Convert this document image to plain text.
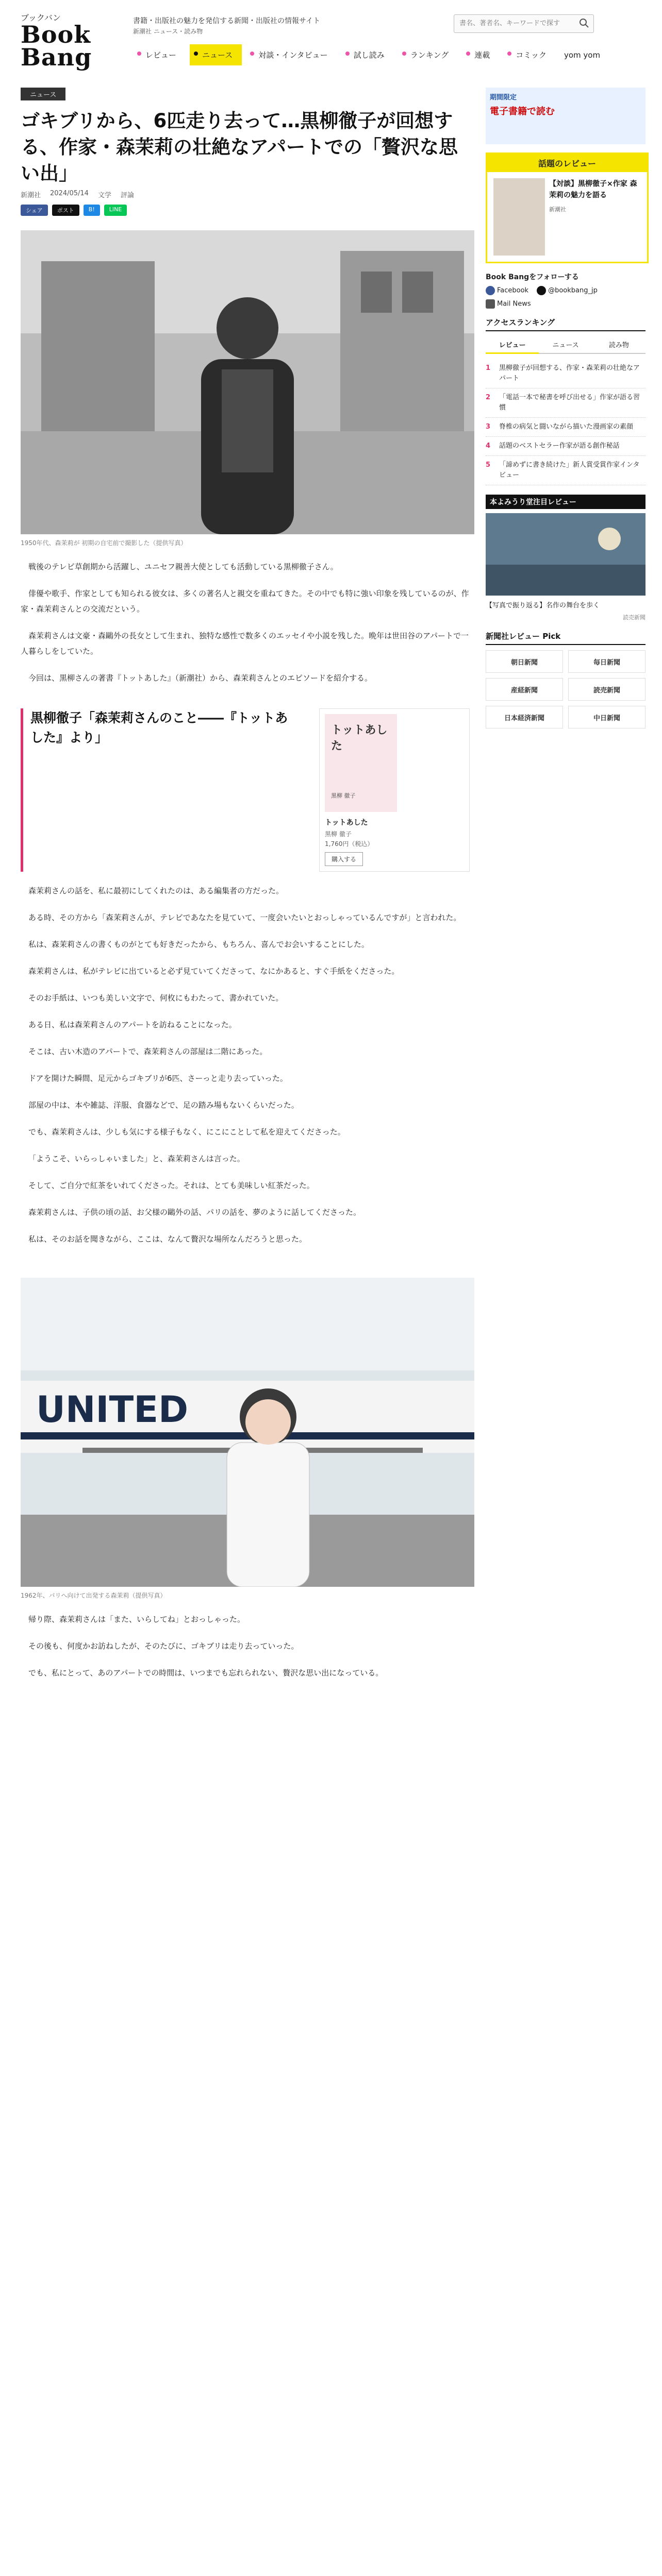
ブックバン
Book
Bang
書籍・出版社の魅力を発信する新聞・出版社の情報サイト
新潮社 ニュース・読み物
書名、著者名、キーワードで探す
レビュー	ニュース	対談・インタビュー	試し読み	ランキング	連載	コミック	yom yom
ニュース
ゴキブリから、6匹走り去って…黒柳徹子が回想する、作家・森茉莉の壮絶なアパートでの「贅沢な思い出」
新潮社 2024/05/14 文学 評論
シェア	ポスト	B!	LINE
1950年代、森茉莉が 初期の自宅前で撮影した（提供写真）

戦後のテレビ草創期から活躍し、ユニセフ親善大使としても活動している黒柳徹子さん。

俳優や歌手、作家としても知られる彼女は、多くの著名人と親交を重ねてきた。その中でも特に強い印象を残しているのが、作家・森茉莉さんとの交流だという。

森茉莉さんは文豪・森鷗外の長女として生まれ、独特な感性で数多くのエッセイや小説を残した。晩年は世田谷のアパートで一人暮らしをしていた。

今回は、黒柳さんの著書『トットあした』（新潮社）から、森茉莉さんとのエピソードを紹介する。

黒柳徹子「森茉莉さんのこと――『トットあした』より」	トットあした
黒柳 徹子
トットあした
黒柳 徹子
1,760円（税込）
購入する

森茉莉さんの話を、私に最初にしてくれたのは、ある編集者の方だった。

ある時、その方から「森茉莉さんが、テレビであなたを見ていて、一度会いたいとおっしゃっているんですが」と言われた。

私は、森茉莉さんの書くものがとても好きだったから、もちろん、喜んでお会いすることにした。

森茉莉さんは、私がテレビに出ていると必ず見ていてくださって、なにかあると、すぐ手紙をくださった。

そのお手紙は、いつも美しい文字で、何枚にもわたって、書かれていた。

ある日、私は森茉莉さんのアパートを訪ねることになった。

そこは、古い木造のアパートで、森茉莉さんの部屋は二階にあった。

ドアを開けた瞬間、足元からゴキブリが6匹、さーっと走り去っていった。

部屋の中は、本や雑誌、洋服、食器などで、足の踏み場もないくらいだった。

でも、森茉莉さんは、少しも気にする様子もなく、にこにことして私を迎えてくださった。

「ようこそ、いらっしゃいました」と、森茉莉さんは言った。

そして、ご自分で紅茶をいれてくださった。それは、とても美味しい紅茶だった。

森茉莉さんは、子供の頃の話、お父様の鷗外の話、パリの話を、夢のように話してくださった。

私は、そのお話を聞きながら、ここは、なんて贅沢な場所なんだろうと思った。

UNITED
1962年、パリへ向けて出発する森茉莉（提供写真）

帰り際、森茉莉さんは「また、いらしてね」とおっしゃった。

その後も、何度かお訪ねしたが、そのたびに、ゴキブリは走り去っていった。

でも、私にとって、あのアパートでの時間は、いつまでも忘れられない、贅沢な思い出になっている。

期間限定
電子書籍で読む
話題のレビュー
【対談】黒柳徹子×作家 森茉莉の魅力を語る
新潮社
Book Bangをフォローする
Facebook	@bookbang_jp
Mail News
アクセスランキング
レビュー	ニュース	読み物
1	黒柳徹子が回想する、作家・森茉莉の壮絶なアパート
2	「電話一本で秘書を呼び出せる」作家が語る習慣
3	脊椎の病気と闘いながら描いた漫画家の素顔
4	話題のベストセラー作家が語る創作秘話
5	「諦めずに書き続けた」新人賞受賞作家インタビュー
本よみうり堂注目レビュー
【写真で振り返る】名作の舞台を歩く
読売新聞
新聞社レビュー Pick
朝日新聞	毎日新聞
産経新聞	読売新聞
日本経済新聞	中日新聞
